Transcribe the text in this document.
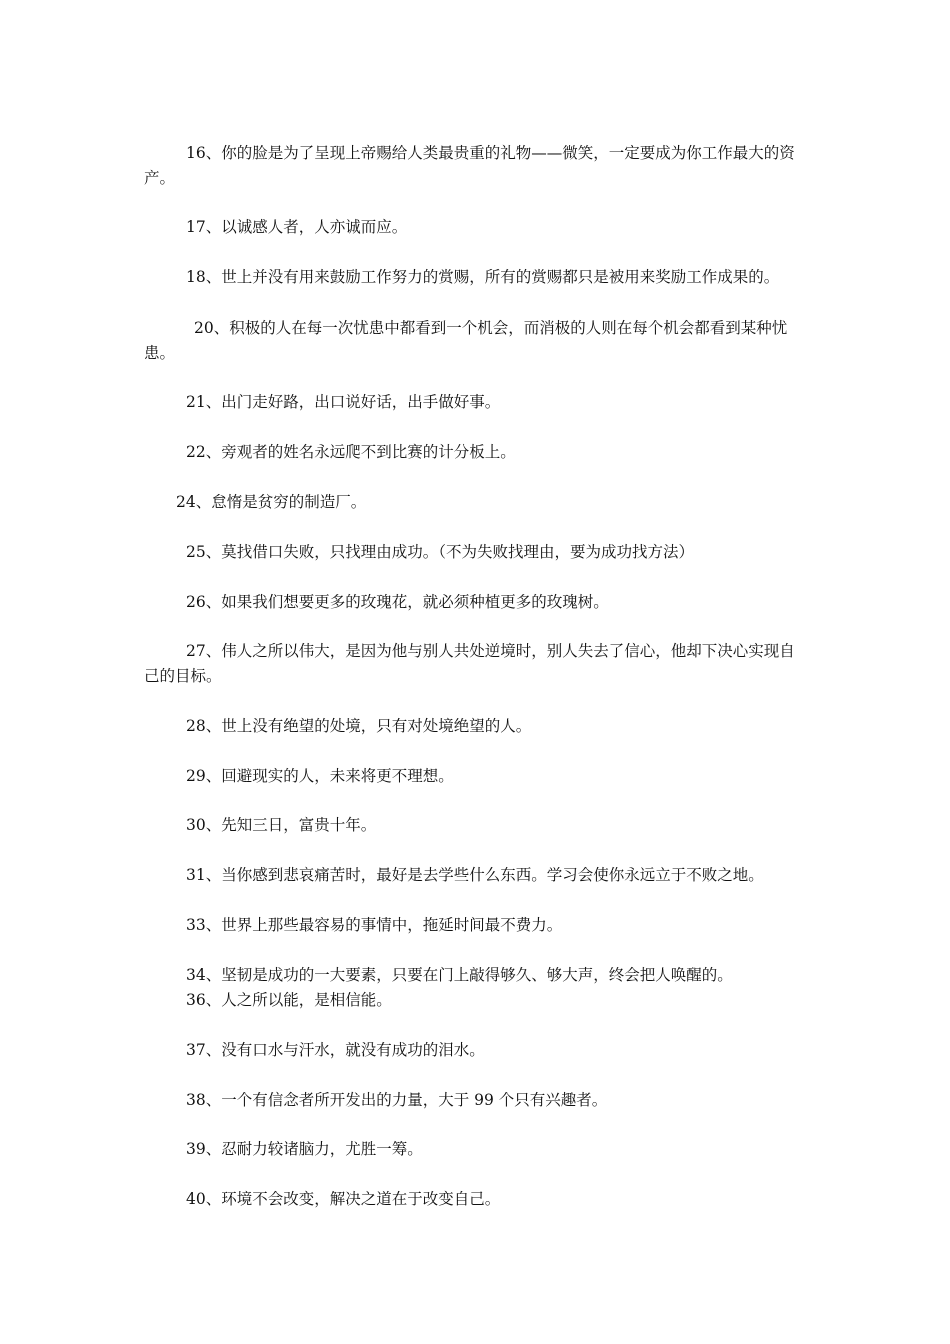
16、你的脸是为了呈现上帝赐给人类最贵重的礼物——微笑，一定要成为你工作最大的资产。

17、以诚感人者，人亦诚而应。

18、世上并没有用来鼓励工作努力的赏赐，所有的赏赐都只是被用来奖励工作成果的。

20、积极的人在每一次忧患中都看到一个机会，而消极的人则在每个机会都看到某种忧患。

21、出门走好路，出口说好话，出手做好事。

22、旁观者的姓名永远爬不到比赛的计分板上。

24、怠惰是贫穷的制造厂。

25、莫找借口失败，只找理由成功。（不为失败找理由，要为成功找方法）

26、如果我们想要更多的玫瑰花，就必须种植更多的玫瑰树。

27、伟人之所以伟大，是因为他与别人共处逆境时，别人失去了信心，他却下决心实现自己的目标。

28、世上没有绝望的处境，只有对处境绝望的人。

29、回避现实的人，未来将更不理想。

30、先知三日，富贵十年。

31、当你感到悲哀痛苦时，最好是去学些什么东西。学习会使你永远立于不败之地。

33、世界上那些最容易的事情中，拖延时间最不费力。

34、坚韧是成功的一大要素，只要在门上敲得够久、够大声，终会把人唤醒的。

36、人之所以能，是相信能。

37、没有口水与汗水，就没有成功的泪水。

38、一个有信念者所开发出的力量，大于 99 个只有兴趣者。

39、忍耐力较诸脑力，尤胜一筹。

40、环境不会改变，解决之道在于改变自己。
